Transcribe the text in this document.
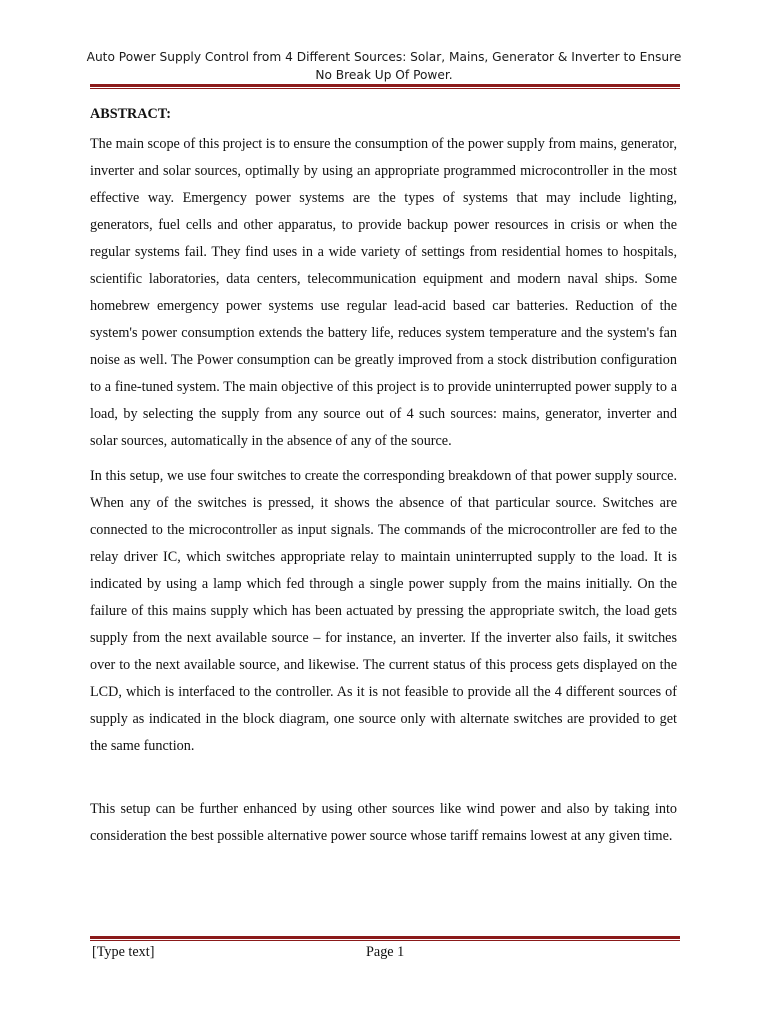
Auto Power Supply Control from 4 Different Sources: Solar, Mains, Generator & Inverter to Ensure No Break Up Of Power.
ABSTRACT:

The main scope of this project is to ensure the consumption of the power supply from mains, generator, inverter and solar sources, optimally by using an appropriate programmed microcontroller in the most effective way. Emergency power systems are the types of systems that may include lighting, generators, fuel cells and other apparatus, to provide backup power resources in crisis or when the regular systems fail. They find uses in a wide variety of settings from residential homes to hospitals, scientific laboratories, data centers, telecommunication equipment and modern naval ships. Some homebrew emergency power systems use regular lead-acid based car batteries. Reduction of the system's power consumption extends the battery life, reduces system temperature and the system's fan noise as well. The Power consumption can be greatly improved from a stock distribution configuration to a fine-tuned system. The main objective of this project is to provide uninterrupted power supply to a load, by selecting the supply from any source out of 4 such sources: mains, generator, inverter and solar sources, automatically in the absence of any of the source.

In this setup, we use four switches to create the corresponding breakdown of that power supply source. When any of the switches is pressed, it shows the absence of that particular source. Switches are connected to the microcontroller as input signals. The commands of the microcontroller are fed to the relay driver IC, which switches appropriate relay to maintain uninterrupted supply to the load. It is indicated by using a lamp which fed through a single power supply from the mains initially. On the failure of this mains supply which has been actuated by pressing the appropriate switch, the load gets supply from the next available source – for instance, an inverter. If the inverter also fails, it switches over to the next available source, and likewise. The current status of this process gets displayed on the LCD, which is interfaced to the controller. As it is not feasible to provide all the 4 different sources of supply as indicated in the block diagram, one source only with alternate switches are provided to get the same function.

This setup can be further enhanced by using other sources like wind power and also by taking into consideration the best possible alternative power source whose tariff remains lowest at any given time.

[Type text]	Page 1
